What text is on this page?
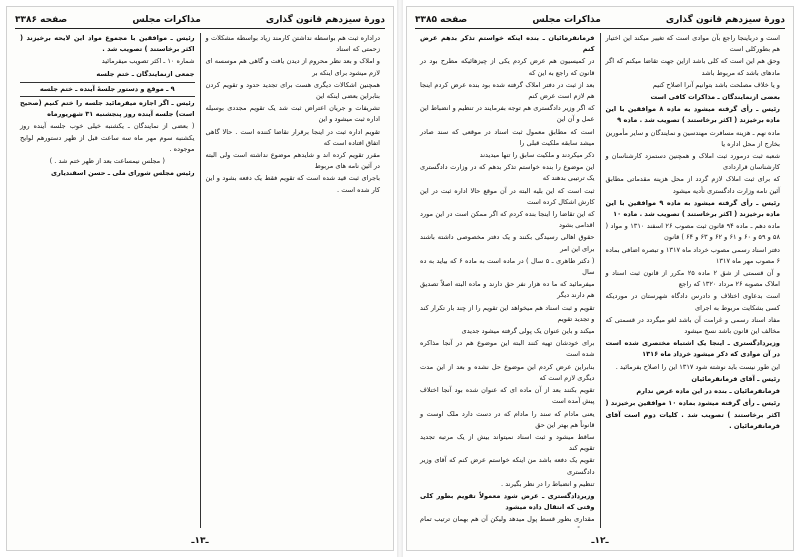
دورهٔ سیزدهم قانون گذاری
مذاکرات مجلس
صفحه ۳۳۸۶

دراداره ثبت هم بواسطه نداشتن کارمند زیاد بواسطه مشکلات و زحمتی که اسناد

و املاک و بعد نظر محروم از دیدن یافت و گاهی هم موسسه ای لازم میشود برای اینکه بر

همچنین اشکالات دیگری هست برای تجدید حدود و تقویم کردن بنابراین بعضی اینکه این

تشریفات و جریان اعتراض ثبت شد یک تقویم مجددی بوسیله اداره ثبت میشود و این

تقویم اداره ثبت در اینجا برقرار نقاضا کننده است . حالا گاهی اتفاق افتاده است که

مقرر تقویم کرده اند و شایدهم موضوع نداشته است ولی البته در آئین نامه های مربوط

باجرای ثبت قید شده است که تقویم فقط یک دفعه بشود و این کار شده است .

رئیس ـ موافقین با مجموع مواد این لایحه برخیزند ( اکثر برخاستند ) تصویب شد .

شماره ۱۰ ـ اکثر تصویب میفرمائید

جمعی ازنمایندگان ـ ختم جلسه

۹ ـ موقع و دستور جلسهٔ آینده ـ ختم جلسه

رئیس ـ اگر اجازه میفرمائید جلسه را ختم کنیم (صحیح است) جلسه آینده روز پنجشنبه ۳۱ شهریورماه

( بعضی از نمایندگان ـ یکشنبه خیلی خوب جلسه آینده روز یکشنبه سوم مهر ماه سه ساعت قبل از ظهر دستورهم لوایح موجوده .

( مجلس نیمساعت بعد از ظهر ختم شد . )

رئیس مجلس شورای ملی ـ حسن اسفندیاری

ـ۱۳ـ
دورهٔ سیزدهم قانون گذاری
مذاکرات مجلس
صفحه ۳۳۸۵

است و درباینجا راجع بآن موادی است که تغییر میکند این اختیار هم بطورکلی است

وحق هم این است که کلی باشد ازاین جهت تقاضا میکنم که اگر مادهای باشد که مربوط باشد

و یا خلاف مصلحت باشد بتوانیم آنرا اصلاح کنیم

بعضی ازنمایندگان ـ مذاکرات کافی است

رئیس ـ رأی گرفته میشود به ماده ۸ موافقین با این ماده برخیزند ( اکثر برخاستند ) تصویب شد . ماده ۹

ماده نهم ـ هزینه مسافرت مهندسین و نمایندگان و سایر مأمورین بخارج از محل اداره یا

شعبه ثبت درمورد ثبت املاک و همچنین دستمزد کارشناسان و کارشناسان قراردادی

که برای ثبت املاک لازم گردد از محل هزینه مقدماتی مطابق آئین نامه وزارت دادگستری تأدیه میشود

رئیس ـ رأی گرفته میشود به ماده ۹ موافقین با این ماده برخیزند ( اکثر برخاستند ) تصویب شد . ماده ۱۰

ماده دهم ـ ماده ۹۴ قانون ثبت مصوب ۲۶ اسفند ۱۳۱۰ و مواد ( ۵۸ و ۵۹ و ۶۰ و ۶۱ و ۶۲ و ۶۳ و ۶۴ ) قانون

دفتر اسناد رسمی مصوب خرداد ماه ۱۳۱۷ و تبصره اضافی بماده ۶ مصوب مهر ماه ۱۳۱۷

و آن قسمتی از شق ۲ ماده ۲۵ مکرر از قانون ثبت اسناد و املاک مصوبه ۲۶ مرداد ۱۳۲۰ که راجع

است بدعاوی اختلاف و دادرس دادگاه شهرستان در موردیکه کسی بشکایت مربوط به اجرای

مفاد اسناد رسمی و غرامت آن باشد لغو میگردد در قسمتی که مخالف این قانون باشد نسخ میشود

وزیردادگستری ـ اینجا یک اشتباه مختصری شده است در آن موادی که ذکر میشود خرداد ماه ۱۳۱۶

این طور نیست باید نوشته شود ۱۳۱۷ این را اصلاح بفرمائید .

رئیس ـ آقای فرمانفرمائیان

فرمانفرمائیان ـ بنده در این ماده عرض ندارم

رئیس ـ رأی گرفته میشود بماده ۱۰ موافقین برخیزند ( اکثر برخاستند ) تصویب شد . کلیات دوم است آقای فرمانفرمائیان .

فرمانفرمائیان ـ بنده اینکه خواستم تذکر بدهم عرض کنم

در کمیسیون هم عرض کردم یکی از چیزهائیکه مطرح بود در قانون که راجع به این که

بعد از ثبت در دفتر املاک گرفته شده بود بنده عرض کردم اینجا هم لازم است عرض کنم

که اگر وزیر دادگستری هم توجه بفرمایند در تنظیم و انضباط این عمل و آن این

است که مطابق معمول ثبت اسناد در موقعی که سند صادر میشد سابقه ملکیت قبلی را

ذکر میکردند و ملکیت سابق را تنها میدیدند

این موضوع را بنده خواستم تذکر بدهم که در وزارت دادگستری یک ترتیبی بدهند که

ثبت است که این بلیه البته در آن موقع حالا اداره ثبت در این کارش اشکال کرده است

که این تقاضا را اینجا بنده کردم که اگر ممکن است در این مورد اقدامی بشود

حقوق اهالی رسیدگی بکنند و یک دفتر مخصوصی داشته باشند برای این امر

( دکتر طاهری ـ ۵ سال ) در ماده است به ماده ۶ که بیاید به ده سال

میفرمائید که ما ده هزار نفر حق دارند و ماده البته اصلاً تصدیق هم دارند دیگر

تقویم و ثبت اسناد هم میخواهد این تقویم را از چند بار تکرار کند و تجدید تقویم

میکند و باین عنوان یک پولی گرفته میشود جدیدی

برای خودشان تهیه کنند البته این موضوع هم در آنجا مذاکره شده است

بنابراین عرض کردم این موضوع حل نشده و بعد از این مدت دیگری لازم است که

تقویم بکنند بعد از آن ماده ای که عنوان شده بود آنجا اختلاف پیش آمده است

یعنی مادام که سند را مادام که در دست دارد ملک اوست و قانوناً هم بهتر این حق

ساقط میشود و ثبت اسناد نمیتواند بیش از یک مرتبه تجدید تقویم کند

تقویم یک دفعه باشد من اینکه خواستم عرض کنم که آقای وزیر دادگستری

تنظیم و انضباط را در نظر بگیرند .

وزیردادگستری ـ عرض شود معمولاً تقویم بطور کلی وقتی که انتقال داده میشود

مقداری بطور قسط پول میدهد ولیکن آن هم بهمان ترتیب تمام

ـ۱۲ـ
